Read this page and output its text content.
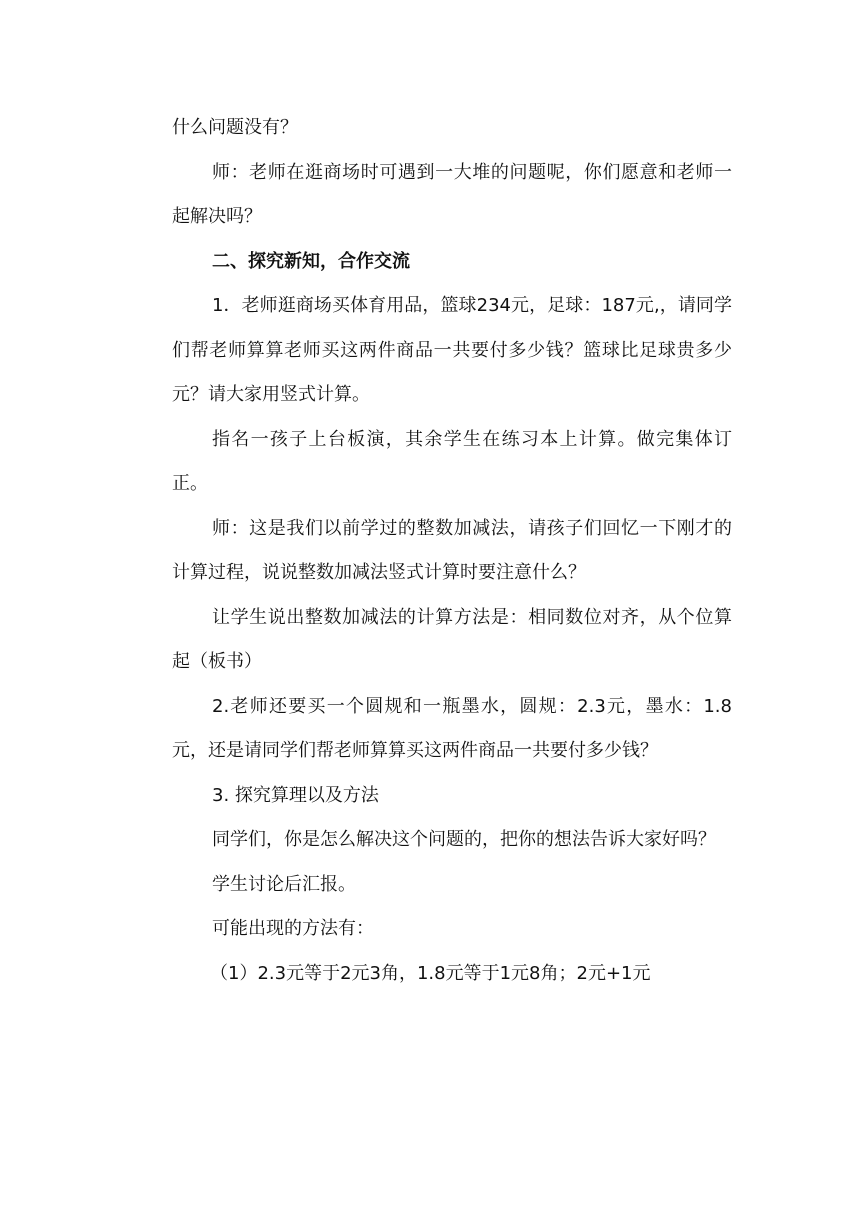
什么问题没有？

师：老师在逛商场时可遇到一大堆的问题呢，你们愿意和老师一起解决吗？

二、探究新知，合作交流

1．老师逛商场买体育用品，篮球234元，足球：187元,，请同学们帮老师算算老师买这两件商品一共要付多少钱？篮球比足球贵多少元？请大家用竖式计算。

指名一孩子上台板演，其余学生在练习本上计算。做完集体订正。

师：这是我们以前学过的整数加减法，请孩子们回忆一下刚才的计算过程，说说整数加减法竖式计算时要注意什么？

让学生说出整数加减法的计算方法是：相同数位对齐，从个位算起（板书）

2.老师还要买一个圆规和一瓶墨水，圆规：2.3元，墨水：1.8元，还是请同学们帮老师算算买这两件商品一共要付多少钱？

3. 探究算理以及方法

同学们，你是怎么解决这个问题的，把你的想法告诉大家好吗？

学生讨论后汇报。

可能出现的方法有：

（1）2.3元等于2元3角，1.8元等于1元8角；2元+1元
